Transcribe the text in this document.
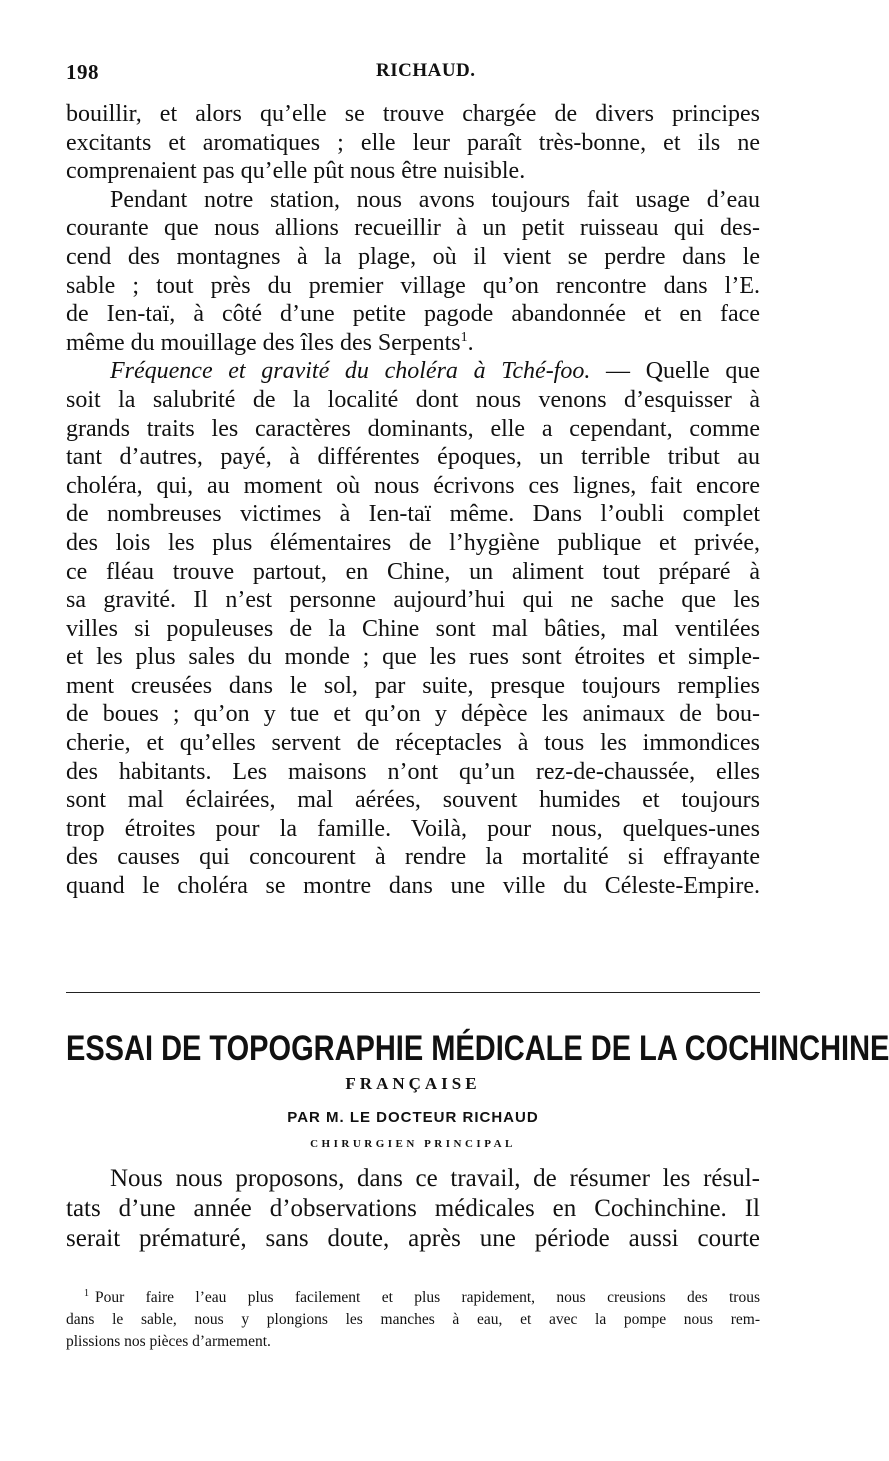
198	RICHAUD.
bouillir, et alors qu’elle se trouve chargée de divers principes
excitants et aromatiques ; elle leur paraît très-bonne, et ils ne
comprenaient pas qu’elle pût nous être nuisible.
Pendant notre station, nous avons toujours fait usage d’eau
courante que nous allions recueillir à un petit ruisseau qui des-
cend des montagnes à la plage, où il vient se perdre dans le
sable ; tout près du premier village qu’on rencontre dans l’E.
de Ien-taï, à côté d’une petite pagode abandonnée et en face
même du mouillage des îles des Serpents$^1$.
Fréquence et gravité du choléra à Tché-foo. — Quelle que
soit la salubrité de la localité dont nous venons d’esquisser à
grands traits les caractères dominants, elle a cependant, comme
tant d’autres, payé, à différentes époques, un terrible tribut au
choléra, qui, au moment où nous écrivons ces lignes, fait encore
de nombreuses victimes à Ien-taï même. Dans l’oubli complet
des lois les plus élémentaires de l’hygiène publique et privée,
ce fléau trouve partout, en Chine, un aliment tout préparé à
sa gravité. Il n’est personne aujourd’hui qui ne sache que les
villes si populeuses de la Chine sont mal bâties, mal ventilées
et les plus sales du monde ; que les rues sont étroites et simple-
ment creusées dans le sol, par suite, presque toujours remplies
de boues ; qu’on y tue et qu’on y dépèce les animaux de bou-
cherie, et qu’elles servent de réceptacles à tous les immondices
des habitants. Les maisons n’ont qu’un rez-de-chaussée, elles
sont mal éclairées, mal aérées, souvent humides et toujours
trop étroites pour la famille. Voilà, pour nous, quelques-unes
des causes qui concourent à rendre la mortalité si effrayante
quand le choléra se montre dans une ville du Céleste-Empire.
ESSAI DE TOPOGRAPHIE MÉDICALE DE LA COCHINCHINE
FRANÇAISE
PAR M. LE DOCTEUR RICHAUD
CHIRURGIEN PRINCIPAL
Nous nous proposons, dans ce travail, de résumer les résul-
tats d’une année d’observations médicales en Cochinchine. Il
serait prématuré, sans doute, après une période aussi courte
$^1$ Pour faire l’eau plus facilement et plus rapidement, nous creusions des trous
dans le sable, nous y plongions les manches à eau, et avec la pompe nous rem-
plissions nos pièces d’armement.
